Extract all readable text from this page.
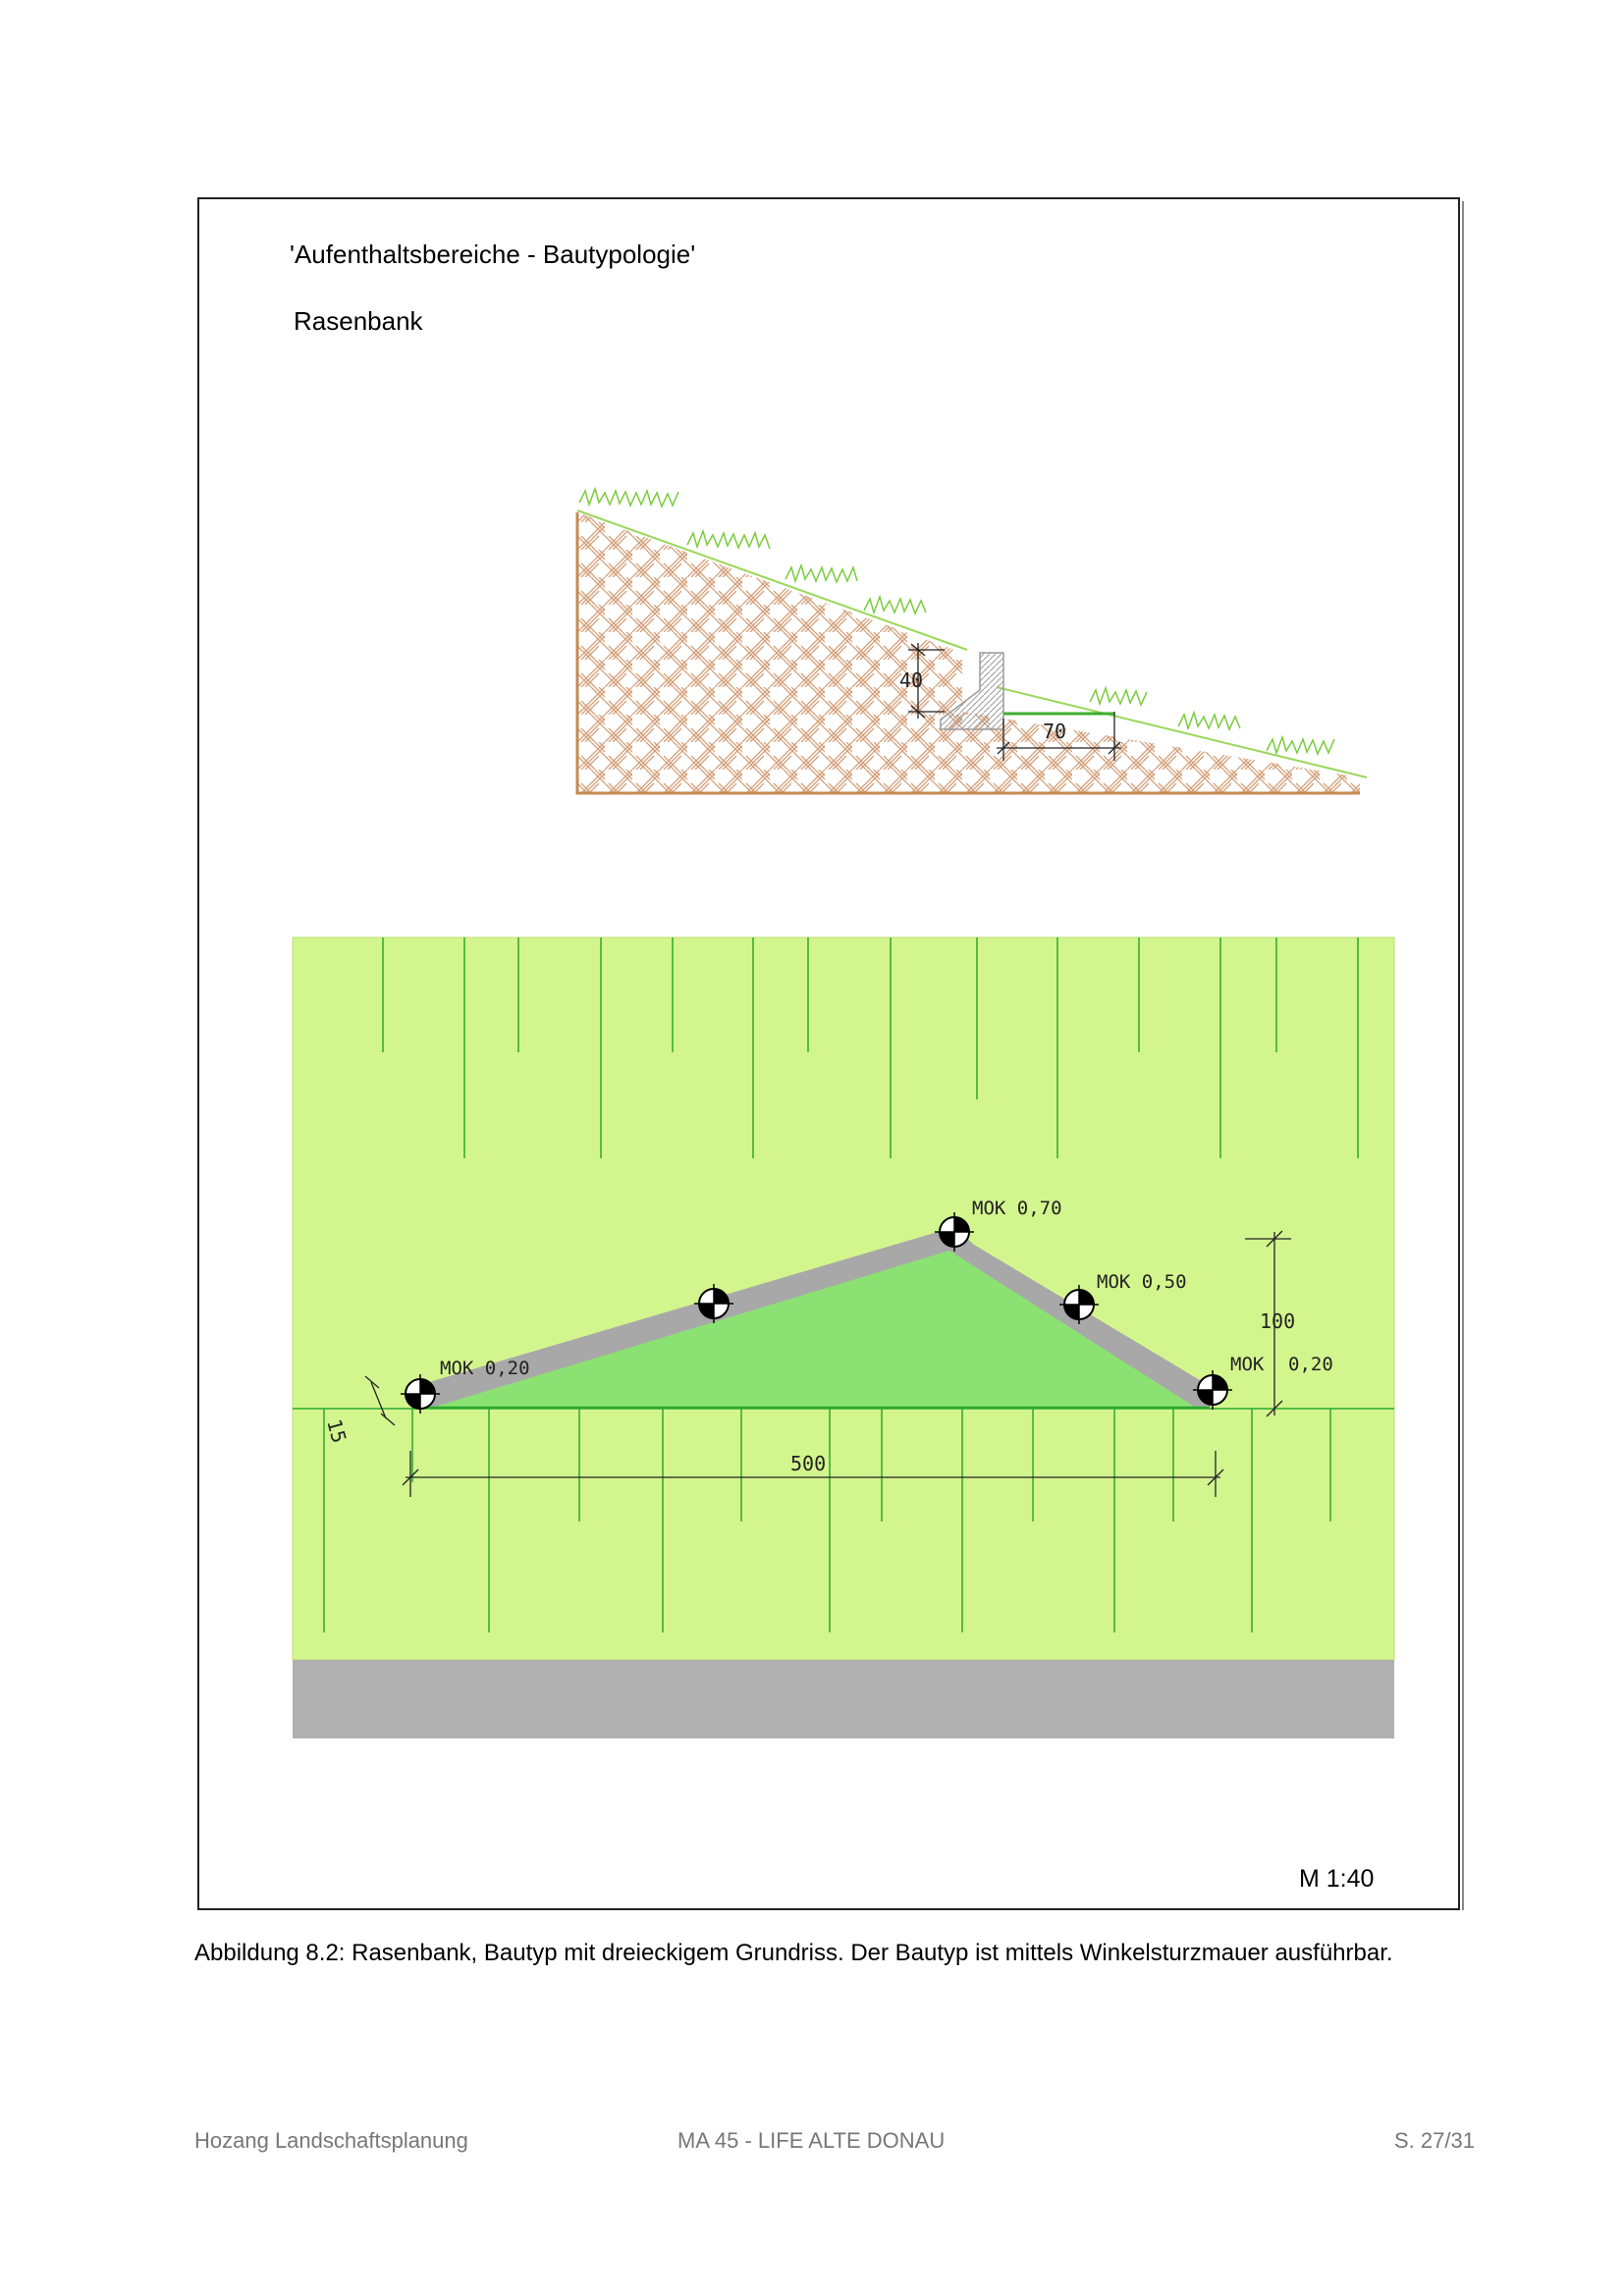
'Aufenthaltsbereiche - Bautypologie'
Rasenbank
40
70
MOK 0,20
MOK 0,70
MOK 0,50
MOK 0,20
500
100
15
M 1:40
Abbildung 8.2: Rasenbank, Bautyp mit dreieckigem Grundriss. Der Bautyp ist mittels Winkelsturzmauer ausführbar.
Hozang Landschaftsplanung	MA 45 - LIFE ALTE DONAU	S. 27/31
